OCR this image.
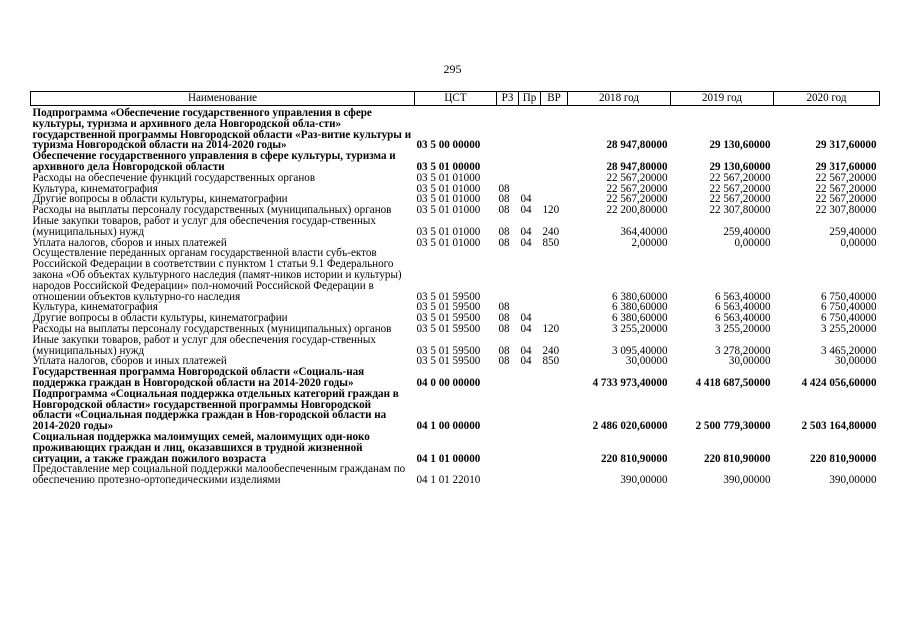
295
Наименование	ЦСТ	РЗ	Пр	ВР	2018 год	2019 год	2020 год
Подпрограмма «Обеспечение государственного управления в сфере культуры, туризма и архивного дела Новгородской обла-сти» государственной программы Новгородской области «Раз-витие культуры и туризма Новгородской области на 2014-2020 годы»	03 5 00 00000				28 947,80000	29 130,60000	29 317,60000
Обеспечение государственного управления в сфере культуры, туризма и архивного дела Новгородской области	03 5 01 00000				28 947,80000	29 130,60000	29 317,60000
Расходы на обеспечение функций государственных органов	03 5 01 01000				22 567,20000	22 567,20000	22 567,20000
Культура, кинематография	03 5 01 01000	08			22 567,20000	22 567,20000	22 567,20000
Другие вопросы в области культуры, кинематографии	03 5 01 01000	08	04		22 567,20000	22 567,20000	22 567,20000
Расходы на выплаты персоналу государственных (муниципальных) органов	03 5 01 01000	08	04	120	22 200,80000	22 307,80000	22 307,80000
Иные закупки товаров, работ и услуг для обеспечения государ-ственных (муниципальных) нужд	03 5 01 01000	08	04	240	364,40000	259,40000	259,40000
Уплата налогов, сборов и иных платежей	03 5 01 01000	08	04	850	2,00000	0,00000	0,00000
Осуществление переданных органам государственной власти субъ-ектов Российской Федерации в соответствии с пунктом 1 статьи 9.1 Федерального закона «Об объектах культурного наследия (памят-ников истории и культуры) народов Российской Федерации» пол-номочий Российской Федерации в отношении объектов культурно-го наследия	03 5 01 59500				6 380,60000	6 563,40000	6 750,40000
Культура, кинематография	03 5 01 59500	08			6 380,60000	6 563,40000	6 750,40000
Другие вопросы в области культуры, кинематографии	03 5 01 59500	08	04		6 380,60000	6 563,40000	6 750,40000
Расходы на выплаты персоналу государственных (муниципальных) органов	03 5 01 59500	08	04	120	3 255,20000	3 255,20000	3 255,20000
Иные закупки товаров, работ и услуг для обеспечения государ-ственных (муниципальных) нужд	03 5 01 59500	08	04	240	3 095,40000	3 278,20000	3 465,20000
Уплата налогов, сборов и иных платежей	03 5 01 59500	08	04	850	30,00000	30,00000	30,00000
Государственная программа Новгородской области «Социаль-ная поддержка граждан в Новгородской области на 2014-2020 годы»	04 0 00 00000				4 733 973,40000	4 418 687,50000	4 424 056,60000
Подпрограмма «Социальная поддержка отдельных категорий граждан в Новгородской области» государственной программы Новгородской области «Социальная поддержка граждан в Нов-городской области на 2014-2020 годы»	04 1 00 00000				2 486 020,60000	2 500 779,30000	2 503 164,80000
Социальная поддержка малоимущих семей, малоимущих оди-ноко проживающих граждан и лиц, оказавшихся в трудной жизненной ситуации, а также граждан пожилого возраста	04 1 01 00000				220 810,90000	220 810,90000	220 810,90000
Предоставление мер социальной поддержки малообеспеченным гражданам по обеспечению протезно-ортопедическими изделиями	04 1 01 22010				390,00000	390,00000	390,00000
